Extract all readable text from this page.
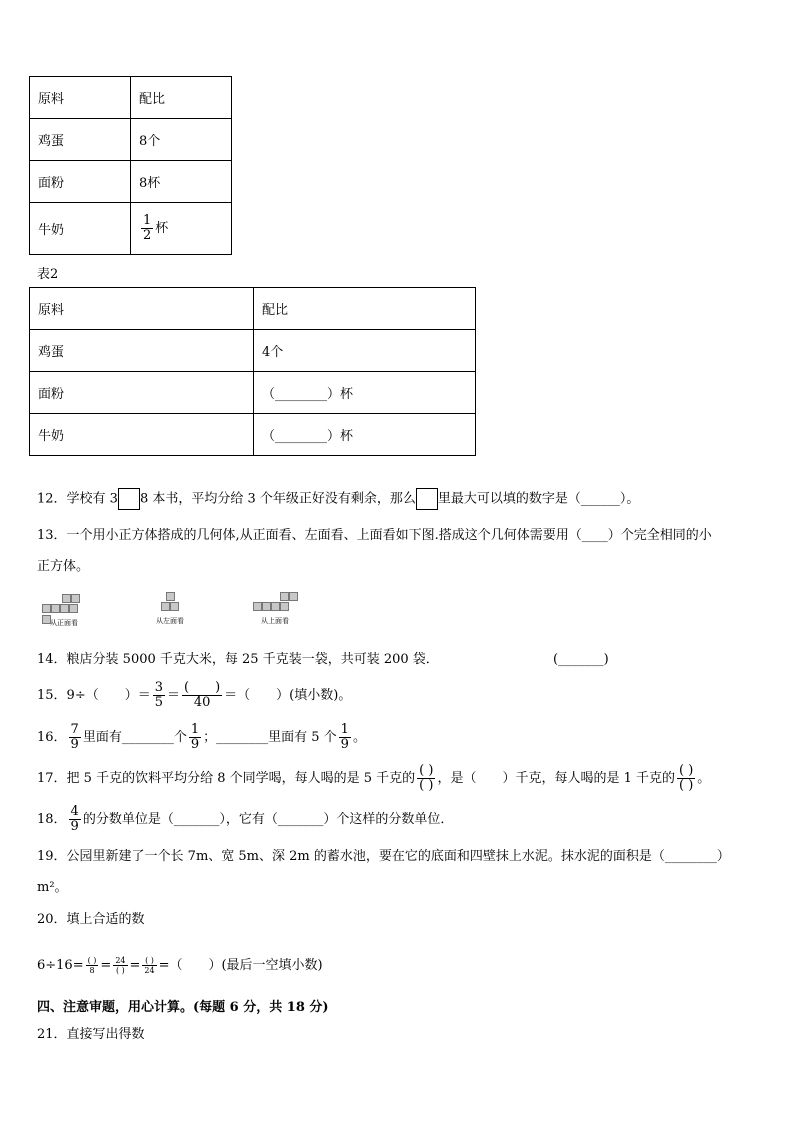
原料	配比
鸡蛋	8个
面粉	8杯
牛奶	$\frac{1}{2}$ 杯
表2
原料	配比
鸡蛋	4个
面粉	（________）杯
牛奶	（________）杯
12．学校有 3 8 本书，平均分给 3 个年级正好没有剩余，那么 里最大可以填的数字是（______）。
13．一个用小正方体搭成的几何体,从正面看、左面看、上面看如下图.搭成这个几何体需要用（____）个完全相同的小
正方体。
从正面看	从左面看	从上面看
14．粮店分装 5000 千克大米，每 25 千克装一袋，共可装 200 袋．	(_______)
15．9÷（　　）＝ $\frac{3}{5} = \frac{( )}{40}$ ＝（　　）(填小数)。
16． $\frac{7}{9}$ 里面有________个 $\frac{1}{9}$ ；________里面有 5 个 $\frac{1}{9}$ 。
17．把 5 千克的饮料平均分给 8 个同学喝，每人喝的是 5 千克的 $\frac{( )}{( )}$ ，是（　　）千克，每人喝的是 1 千克的 $\frac{( )}{( )}$ 。
18． $\frac{4}{9}$ 的分数单位是（_______），它有（_______）个这样的分数单位．
19．公园里新建了一个长 7m、宽 5m、深 2m 的蓄水池，要在它的底面和四壁抹上水泥。抹水泥的面积是（________）
m²。
20．填上合适的数
$6\div 16= \frac{( )}{8} = \frac{24}{( )} = \frac{( )}{24}$ =（　　）(最后一空填小数)
四、注意审题，用心计算。(每题 6 分，共 18 分)
21．直接写出得数
